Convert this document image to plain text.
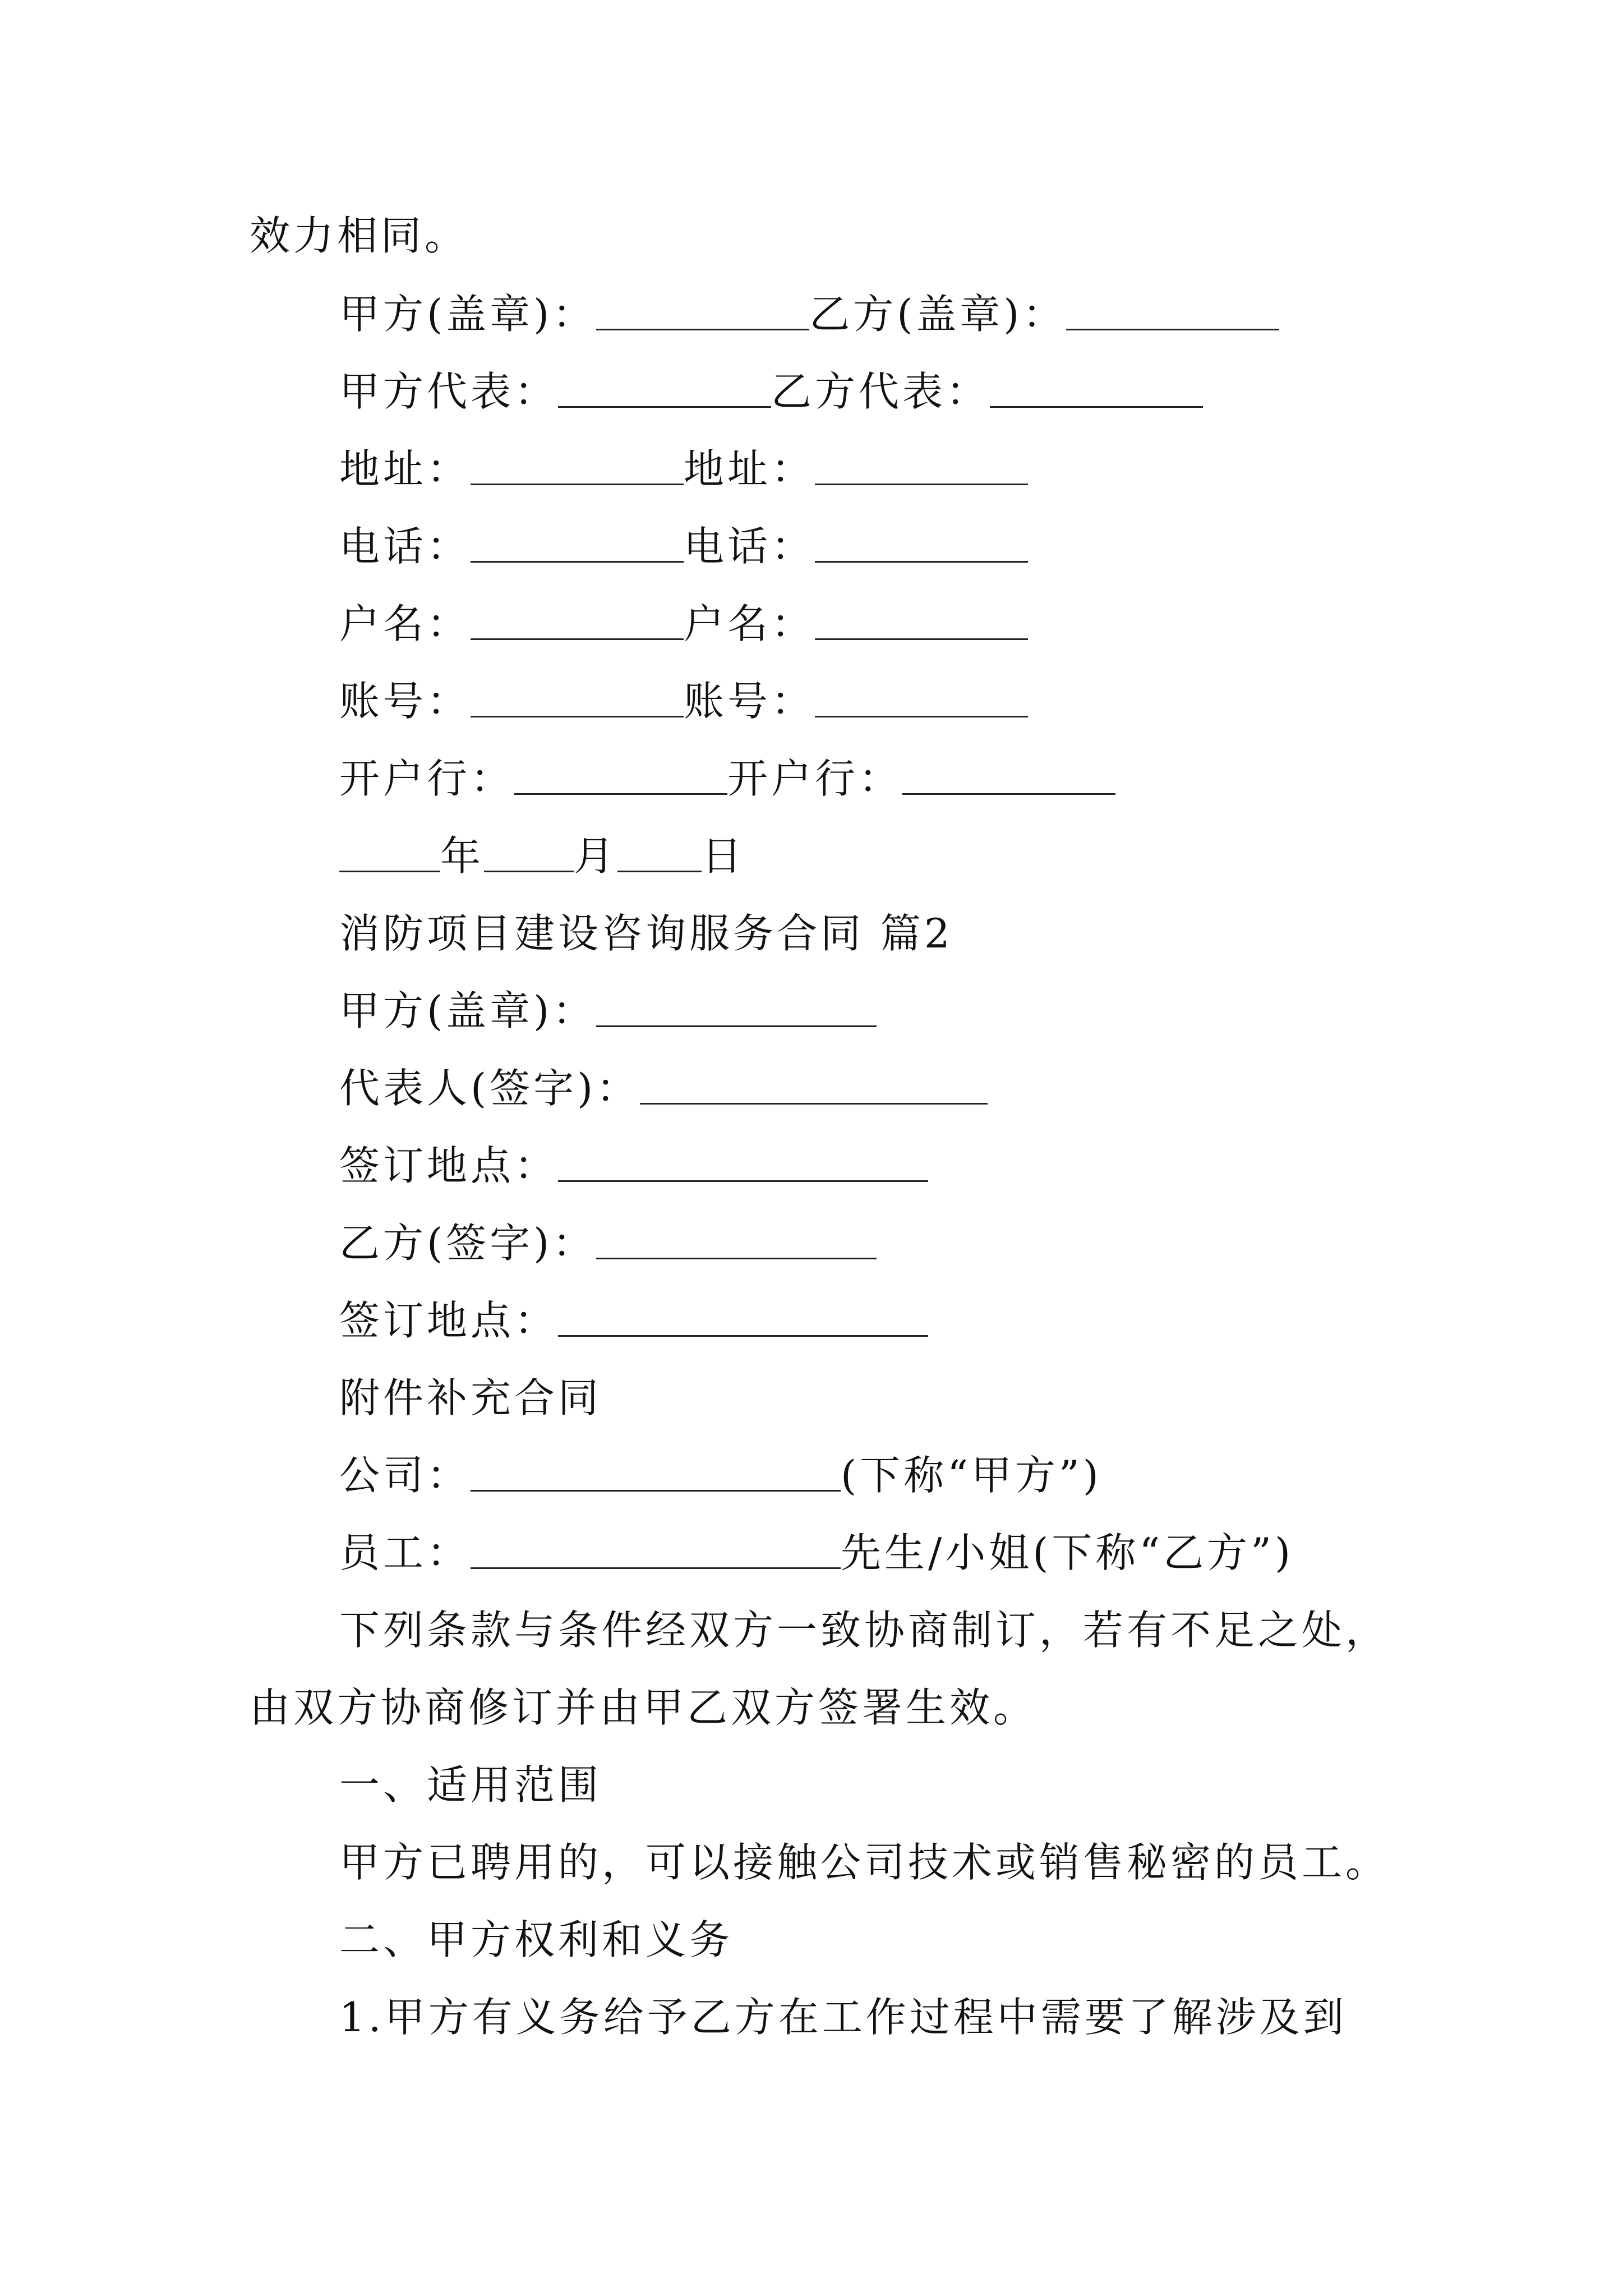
效力相同。
甲方(盖章)：	乙方(盖章)：
甲方代表：	乙方代表：
地址：	地址：
电话：	电话：
户名：	户名：
账号：	账号：
开户行：	开户行：
年 月 日
消防项目建设咨询服务合同 篇2
甲方(盖章)：
代表人(签字)：
签订地点：
乙方(签字)：
签订地点：
附件补充合同
公司：	(下称“甲方”)
员工：	先生/小姐(下称“乙方”)
下列条款与条件经双方一致协商制订，若有不足之处，
由双方协商修订并由甲乙双方签署生效。
一、适用范围
甲方已聘用的，可以接触公司技术或销售秘密的员工。
二、甲方权利和义务
1.甲方有义务给予乙方在工作过程中需要了解涉及到
